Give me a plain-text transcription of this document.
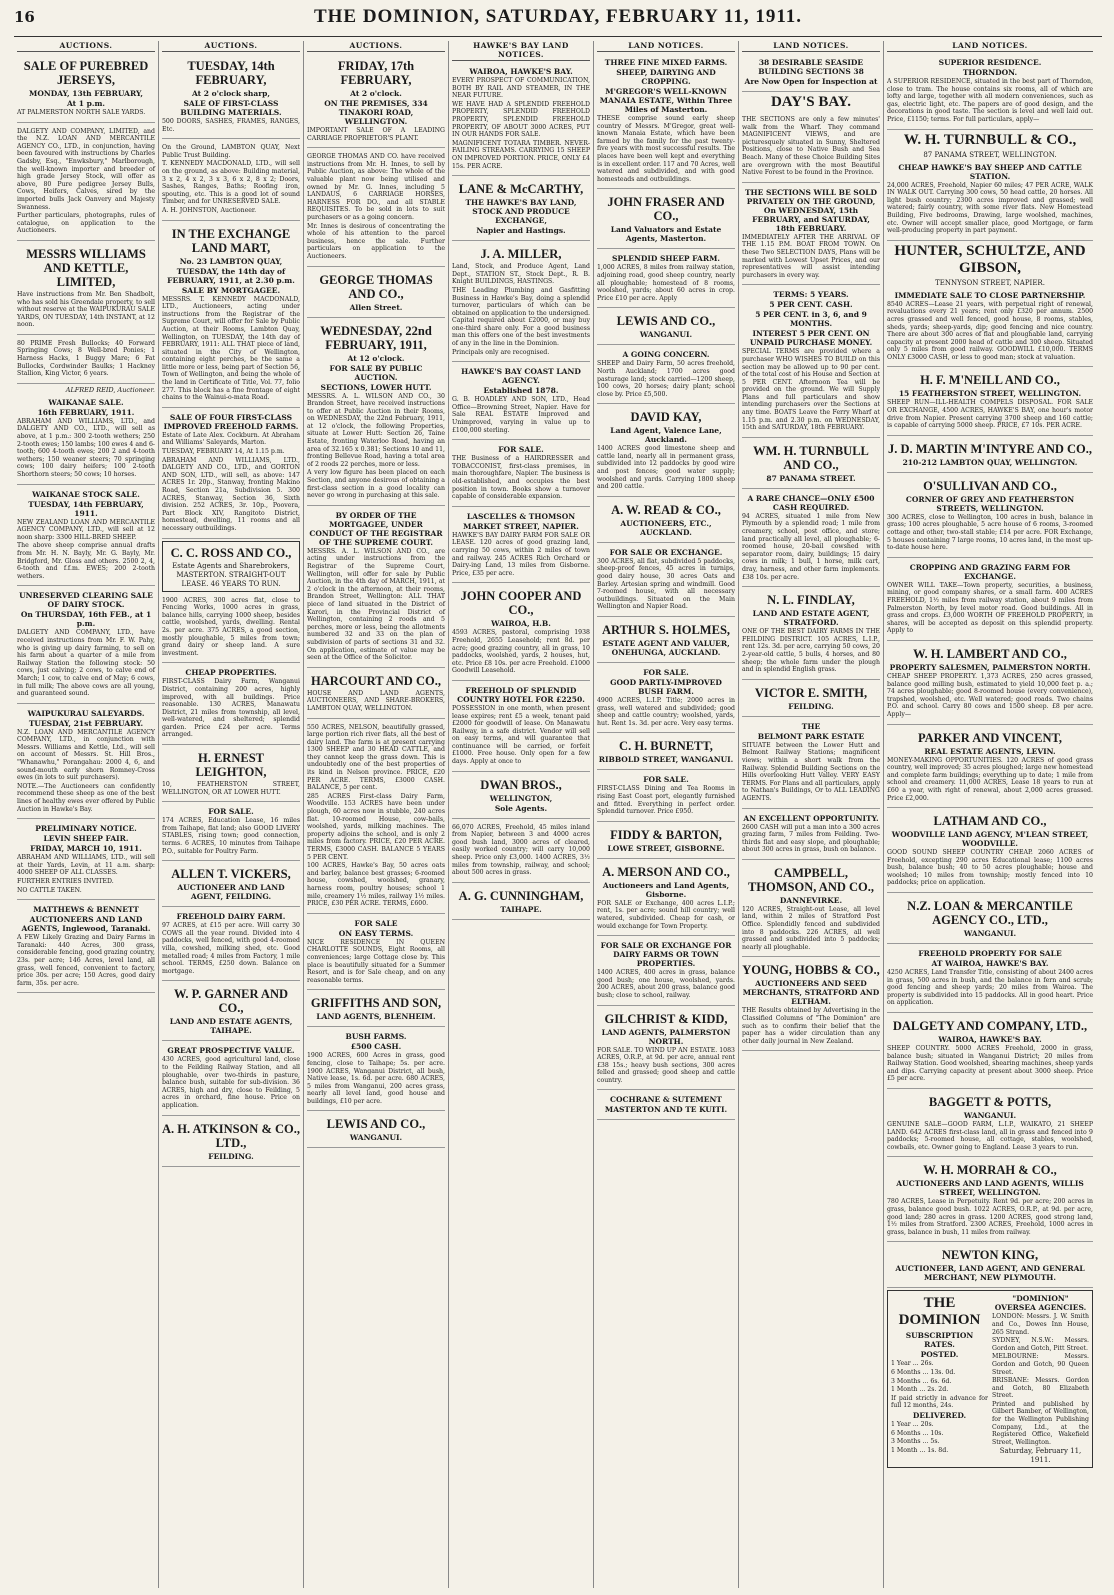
16	THE DOMINION, SATURDAY, FEBRUARY 11, 1911.
AUCTIONS.
SALE OF PUREBRED JERSEYS,
MONDAY, 13th FEBRUARY,
At 1 p.m.
AT PALMERSTON NORTH SALE YARDS.
DALGETY AND COMPANY, LIMITED, and the N.Z. LOAN AND MERCANTILE AGENCY CO., LTD., in conjunction, having been favoured with instructions by Charles Gadsby, Esq., "Enwksbury," Marlborough, the well-known importer and breeder of high grade Jersey Stock, will offer as above, 80 Pure pedigree Jersey Bulls, Cows, Heifers, Calves, sired by the imported bulls Jack Oanvery and Majesty Swanness.
Further particulars, photographs, rules of catalogue, on application to the Auctioneers.
MESSRS WILLIAMS AND KETTLE, LIMITED,
Have instructions from Mr. Ben Shadbolt, who has sold his Greendale property, to sell without reserve at the WAIPUKURAU SALE YARDS, ON TUESDAY, 14th INSTANT, at 12 noon.
80 PRIME Fresh Bullocks; 40 Forward Springing Cows; 8 Well-bred Ponies; 1 Harness Hacks, 1 Buggy Mare; 6 Fat Bullocks, Cordwinder Baulks; 1 Hackney Stallion, King Victor, 6 years.
ALFRED REID, Auctioneer.
WAIKANAE SALE.
16th FEBRUARY, 1911.
ABRAHAM AND WILLIAMS, LTD., and DALGETY AND CO., LTD., will sell as above, at 1 p.m.: 300 2-tooth wethers; 250 2-tooth ewes; 150 lambs; 100 ewes 4 and 6-tooth; 600 4-tooth ewes; 200 2 and 4-tooth wethers; 150 weaner steers; 70 springing cows; 100 dairy heifers; 100 2-tooth Shorthorn steers; 50 cows; 10 horses.
WAIKANAE STOCK SALE.
TUESDAY, 14th FEBRUARY, 1911.
NEW ZEALAND LOAN AND MERCANTILE AGENCY COMPANY, LTD., will sell at 12 noon sharp: 3300 HILL-BRED SHEEP.
The above sheep comprise annual drafts from Mr. H. N. Bayly, Mr. G. Bayly, Mr. Bridgford, Mr. Gloss and others. 2500 2, 4, 6-tooth and f.f.m. EWES; 200 2-tooth wethers.
UNRESERVED CLEARING SALE OF DAIRY STOCK.
On THURSDAY, 16th FEB., at 1 p.m.
DALGETY AND COMPANY, LTD., have received instructions from Mr. F. W. Pahy, who is giving up dairy farming, to sell on his farm about a quarter of a mile from Railway Station the following stock: 50 cows, just calving; 2 cows, to calve end of March; 1 cow, to calve end of May; 6 cows, in full milk; The above cows are all young, and guaranteed sound.
WAIPUKURAU SALEYARDS.
TUESDAY, 21st FEBRUARY.
N.Z. LOAN AND MERCANTILE AGENCY COMPANY, LTD., in conjunction with Messrs. Williams and Kettle, Ltd., will sell on account of Messrs. St. Hill Bros., "Whanawhu," Porangahau: 2000 4, 6, and sound-mouth early shorn Romney-Cross ewes (in lots to suit purchasers).
NOTE.—The Auctioneers can confidently recommend these sheep as one of the best lines of healthy ewes ever offered by Public Auction in Hawke's Bay.
PRELIMINARY NOTICE.
LEVIN SHEEP FAIR.
FRIDAY, MARCH 10, 1911.
ABRAHAM AND WILLIAMS, LTD., will sell at their Yards, Levin, at 11 a.m. sharp: 4000 SHEEP OF ALL CLASSES.
FURTHER ENTRIES INVITED.
NO CATTLE TAKEN.
MATTHEWS & BENNETT
AUCTIONEERS AND LAND AGENTS, Inglewood, Taranaki.
A FEW Likely Grazing and Dairy Farms in Taranaki: 440 Acres, 300 grass, considerable fencing, good grazing country, 23s. per acre; 146 Acres, level land, all grass, well fenced, convenient to factory, price 30s. per acre; 150 Acres, good dairy farm, 35s. per acre.
AUCTIONS.
TUESDAY, 14th FEBRUARY,
At 2 o'clock sharp,
SALE OF FIRST-CLASS BUILDING MATERIALS.
500 DOORS, SASHES, FRAMES, RANGES, Etc.
On the Ground, LAMBTON QUAY, Next Public Trust Building.
T. KENNEDY MACDONALD, LTD., will sell on the ground, as above: Building material, 3 x 2, 4 x 2, 3 x 3, 6 x 2, 8 x 2; Doors, Sashes, Ranges, Baths; Roofing iron, spouting, etc. This is a good lot of sound Timber, and for UNRESERVED SALE.
A. H. JOHNSTON, Auctioneer.
IN THE EXCHANGE LAND MART,
No. 23 LAMBTON QUAY,
TUESDAY, the 14th day of FEBRUARY, 1911, at 2.30 p.m.
SALE BY MORTGAGEE.
MESSRS. T. KENNEDY MACDONALD, LTD., Auctioneers, acting under instructions from the Registrar of the Supreme Court, will offer for Sale by Public Auction, at their Rooms, Lambton Quay, Wellington, on TUESDAY, the 14th day of FEBRUARY, 1911: ALL THAT piece of land, situated in the City of Wellington, containing eight perches, be the same a little more or less, being part of Section 56, Town of Wellington, and being the whole of the land in Certificate of Title, Vol. 77, folio 277. This block has a fine frontage of eight chains to the Wainui-o-mata Road.
SALE OF FOUR FIRST-CLASS IMPROVED FREEHOLD FARMS.
Estate of Late Alex. Cockburn. At Abraham and Williams' Saleyards, Marton.
TUESDAY, FEBRUARY 14, At 1.15 p.m.
ABRAHAM AND WILLIAMS, LTD., DALGETY AND CO., LTD., and GORTON AND SON, LTD., will sell, as above: 147 ACRES 1r. 20p., Stanway, fronting Makino Road, Section 21a, Subdivision 5. 300 ACRES, Stanway, Section 36, Sixth division. 252 ACRES, 3r. 10p., Poovera, Part Block XIV, Rangitoto District, homestead, dwelling, 11 rooms and all necessary outbuildings.
C. C. ROSS AND CO.,
Estate Agents and Sharebrokers, MASTERTON. STRAIGHT-OUT LEASE. 46 YEARS TO RUN.
1900 ACRES, 300 acres flat, close to Fencing Works, 1000 acres in grass, balance hills, carrying 1000 sheep, besides cattle, woolshed, yards, dwelling. Rental 2s. per acre. 375 ACRES, a good section, mostly ploughable, 5 miles from town; grand dairy or sheep land. A sure investment.
CHEAP PROPERTIES.
FIRST-CLASS Dairy Farm, Wanganui District, containing 200 acres, highly improved, with all buildings. Price reasonable. 130 ACRES, Manawatu District, 21 miles from township, all level, well-watered, and sheltered; splendid garden. Price £24 per acre. Terms arranged.
H. ERNEST LEIGHTON,
10, FEATHERSTON STREET, WELLINGTON, OR AT LOWER HUTT.
FOR SALE.
174 ACRES, Education Lease, 16 miles from Taihape, flat land; also GOOD LIVERY STABLES, rising town; good connection, terms. 6 ACRES, 10 minutes from Taihape P.O., suitable for Poultry Farm.
ALLEN T. VICKERS,
AUCTIONEER AND LAND AGENT, FEILDING.
FREEHOLD DAIRY FARM.
97 ACRES, at £15 per acre. Will carry 30 COWS all the year round. Divided into 4 paddocks, well fenced, with good 4-roomed villa, cowshed, milking shed, etc. Good metalled road; 4 miles from Factory, 1 mile school. TERMS, £250 down. Balance on mortgage.
W. P. GARNER AND CO.,
LAND AND ESTATE AGENTS, TAIHAPE.
GREAT PROSPECTIVE VALUE.
430 ACRES, good agricultural land, close to the Feilding Railway Station, and all ploughable, over two-thirds in pasture, balance bush, suitable for sub-division. 36 ACRES, high and dry, close to Feilding, 5 acres in orchard, fine house. Price on application.
A. H. ATKINSON & CO., LTD.,
FEILDING.
AUCTIONS.
FRIDAY, 17th FEBRUARY,
At 2 o'clock.
ON THE PREMISES, 334 TINAKORI ROAD, WELLINGTON.
IMPORTANT SALE OF A LEADING CARRIAGE PROPRIETOR'S PLANT.
GEORGE THOMAS AND CO. have received instructions from Mr. H. Innes, to sell by Public Auction, as above: The whole of the valuable plant now being utilised and owned by Mr. G. Innes, including 5 LANDAUS, 6 CARRIAGE HORSES, HARNESS FOR DO., and all STABLE REQUISITES. To be sold in lots to suit purchasers or as a going concern.
Mr. Innes is desirous of concentrating the whole of his attention to the parcel business, hence the sale. Further particulars on application to the Auctioneers.
GEORGE THOMAS AND CO.,
Allen Street.
WEDNESDAY, 22nd FEBRUARY, 1911,
At 12 o'clock.
FOR SALE BY PUBLIC AUCTION.
SECTIONS, LOWER HUTT.
MESSRS. A. L. WILSON AND CO., 30 Brandon Street, have received instructions to offer at Public Auction in their Rooms, on WEDNESDAY, the 22nd February, 1911, at 12 o'clock, the following Properties, situate at Lower Hutt: Section 26, Taine Estate, fronting Waterloo Road, having an area of 32.165 x 0.381; Sections 10 and 11, fronting Bellevue Road, having a total area of 2 roods 22 perches, more or less.
A very low figure has been placed on each Section, and anyone desirous of obtaining a first-class section in a good locality can never go wrong in purchasing at this sale.
BY ORDER OF THE MORTGAGEE, UNDER CONDUCT OF THE REGISTRAR OF THE SUPREME COURT.
MESSRS. A. L. WILSON AND CO., are acting under instructions from the Registrar of the Supreme Court, Wellington, will offer for sale by Public Auction, in the 4th day of MARCH, 1911, at 2 o'clock in the afternoon, at their rooms, Brandon Street, Wellington: ALL THAT piece of land situated in the District of Karori, in the Provincial District of Wellington, containing 2 roods and 5 perches, more or less, being the allotments numbered 32 and 33 on the plan of subdivision of parts of sections 31 and 32. On application, estimate of value may be seen at the Office of the Solicitor.
HARCOURT AND CO.,
HOUSE AND LAND AGENTS, AUCTIONEERS, AND SHARE-BROKERS, LAMBTON QUAY, WELLINGTON.
550 ACRES, NELSON, beautifully grassed, large portion rich river flats, all the best of dairy land. The farm is at present carrying 1300 SHEEP and 30 HEAD CATTLE, and they cannot keep the grass down. This is undoubtedly one of the best properties of its kind in Nelson province. PRICE, £20 PER ACRE. TERMS, £3000 CASH. BALANCE, 5 per cent.
285 ACRES First-class Dairy Farm, Woodville. 153 ACRES have been under plough, 60 acres now in stubble, 240 acres flat. 10-roomed House, cow-bails, woolshed, yards, milking machines. The property adjoins the school, and is only 2 miles from factory. PRICE, £20 PER ACRE. TERMS, £3000 CASH. BALANCE 5 YEARS 5 PER CENT.
100 ACRES, Hawke's Bay, 50 acres oats and barley, balance best grasses; 6-roomed house, cowshed, woolshed, granary, harness room, poultry houses; school 1 mile, creamery 1½ miles, railway 1½ miles. PRICE, £30 PER ACRE. TERMS, £600.
FOR SALE
ON EASY TERMS.
NICE RESIDENCE IN QUEEN CHARLOTTE SOUNDS, Eight Rooms, all conveniences; large Cottage close by. This place is beautifully situated for a Summer Resort, and is for Sale cheap, and on any reasonable terms.
GRIFFITHS AND SON,
LAND AGENTS, BLENHEIM.
BUSH FARMS.
£500 CASH.
1900 ACRES, 600 Acres in grass, good fencing, close to Taihape; 5s. per acre. 1900 ACRES, Wanganui District, all bush, Native lease, 1s. 6d. per acre. 680 ACRES, 5 miles from Wanganui, 200 acres grass, nearly all level land, good house and buildings, £10 per acre.
LEWIS AND CO.,
WANGANUI.
HAWKE'S BAY LAND NOTICES.
WAIROA, HAWKE'S BAY.
EVERY PROSPECT OF COMMUNICATION, BOTH BY RAIL AND STEAMER, IN THE NEAR FUTURE.
WE HAVE HAD A SPLENDID FREEHOLD PROPERTY, SPLENDID FREEHOLD PROPERTY, SPLENDID FREEHOLD PROPERTY, OF ABOUT 3000 ACRES, PUT IN OUR HANDS FOR SALE.
MAGNIFICENT TOTARA TIMBER. NEVER-FAILING STREAMS. CARRYING 15 SHEEP ON IMPROVED PORTION. PRICE, ONLY £4 15s. PER ACRE.
LANE & McCARTHY,
THE HAWKE'S BAY LAND, STOCK AND PRODUCE EXCHANGE,
Napier and Hastings.
J. A. MILLER,
Land, Stock, and Produce Agent, Land Dept., STATION ST., Stock Dept., R. B. Knight BUILDINGS, HASTINGS.
THE Leading Plumbing and Gasfitting Business in Hawke's Bay, doing a splendid turnover, particulars of which can be obtained on application to the undersigned. Capital required about £2000, or may buy one-third share only. For a good business man this offers one of the best investments of any in the line in the Dominion.
Principals only are recognised.
HAWKE'S BAY COAST LAND AGENCY.
Established 1878.
G. B. HOADLEY AND SON, LTD., Head Office—Browning Street, Napier. Have for Sale REAL ESTATE Improved and Unimproved, varying in value up to £100,000 sterling.
FOR SALE.
THE Business of a HAIRDRESSER and TOBACCONIST, first-class premises, in main thoroughfare, Napier. The business is old-established, and occupies the best position in town. Books show a turnover capable of considerable expansion.
LASCELLES & THOMSON
MARKET STREET, NAPIER.
HAWKE'S BAY DAIRY FARM FOR SALE OR LEASE. 120 acres of good grazing land, carrying 50 cows, within 2 miles of town and railway. 245 ACRES Rich Orchard or Dairy-ing Land, 13 miles from Gisborne. Price, £35 per acre.
JOHN COOPER AND CO.,
WAIROA, H.B.
4593 ACRES, pastoral, comprising 1938 Freehold, 2655 Leasehold; rent 8d. per acre; good grazing country, all in grass, 10 paddocks, woolshed, yards, 2 houses, hut, etc. Price £8 10s. per acre Freehold. £1000 Goodwill Leasehold.
FREEHOLD OF SPLENDID COUNTRY HOTEL FOR £2250.
POSSESSION in one month, when present lease expires; rent £5 a week, tenant paid £2000 for goodwill of lease. On Manawatu Railway, in a safe district. Vendor will sell on easy terms, and will guarantee that continuance will be carried, or forfeit £1000. Free house. Only open for a few days. Apply at once to
DWAN BROS.,
WELLINGTON,
Sole Agents.
66,070 ACRES, Freehold, 45 miles inland from Napier, between 3 and 4000 acres good bush land, 3000 acres of cleared, easily worked country; will carry 10,000 sheep. Price only £3,000. 1400 ACRES, 3½ miles from township, railway, and school; about 500 acres in grass.
A. G. CUNNINGHAM,
TAIHAPE.
LAND NOTICES.
THREE FINE MIXED FARMS.
SHEEP, DAIRYING AND CROPPING.
M'GREGOR'S WELL-KNOWN MANAIA ESTATE, Within Three Miles of Masterton.
THESE comprise sound early sheep country of Messrs. M'Gregor, great well-known Manaia Estate, which have been farmed by the family for the past twenty-five years with most successful results. The places have been well kept and everything is in excellent order. 117 and 70 Acres, well watered and subdivided, and with good homesteads and outbuildings.
JOHN FRASER AND CO.,
Land Valuators and Estate Agents, Masterton.
SPLENDID SHEEP FARM.
1,000 ACRES, 8 miles from railway station, adjoining road, good sheep country, nearly all ploughable; homestead of 8 rooms, woolshed, yards; about 60 acres in crop. Price £10 per acre. Apply
LEWIS AND CO.,
WANGANUI.
A GOING CONCERN.
SHEEP and Dairy Farm, 50 acres freehold, North Auckland; 1700 acres good pasturage land; stock carried—1200 sheep, 100 cows, 20 horses; dairy plant; school close by. Price £5,500.
DAVID KAY,
Land Agent, Valence Lane, Auckland.
1400 ACRES good limestone sheep and cattle land, nearly all in permanent grass, subdivided into 12 paddocks by good wire and post fences; good water supply; woolshed and yards. Carrying 1800 sheep and 200 cattle.
A. W. READ & CO.,
AUCTIONEERS, ETC., AUCKLAND.
FOR SALE OR EXCHANGE.
300 ACRES, all flat, subdivided 5 paddocks, sheep-proof fences, 45 acres in turnips, good dairy house, 30 acres Oats and Barley. Artesian spring and windmill. Good 7-roomed house, with all necessary outbuildings. Situated on the Main Wellington and Napier Road.
ARTHUR S. HOLMES,
ESTATE AGENT AND VALUER, ONEHUNGA, AUCKLAND.
FOR SALE.
GOOD PARTLY-IMPROVED BUSH FARM.
4900 ACRES, L.I.P. Title; 2000 acres in grass, well watered and subdivided; good sheep and cattle country; woolshed, yards, hut. Rent 1s. 3d. per acre. Very easy terms.
C. H. BURNETT,
RIBBOLD STREET, WANGANUI.
FOR SALE.
FIRST-CLASS Dining and Tea Rooms in rising East Coast port, elegantly furnished and fitted. Everything in perfect order. Splendid turnover. Price £950.
FIDDY & BARTON,
LOWE STREET, GISBORNE.
A. MERSON AND CO.,
Auctioneers and Land Agents, Gisborne.
FOR SALE or Exchange, 400 acres L.I.P.; rent, 1s. per acre; sound hill country; well watered, subdivided. Cheap for cash, or would exchange for Town Property.
FOR SALE OR EXCHANGE FOR DAIRY FARMS OR TOWN PROPERTIES.
1400 ACRES, 400 acres in grass, balance good bush; one house, woolshed, yards. 200 ACRES, about 200 grass, balance good bush; close to school, railway.
GILCHRIST & KIDD,
LAND AGENTS, PALMERSTON NORTH.
FOR SALE. TO WIND UP AN ESTATE. 1083 ACRES, O.R.P., at 9d. per acre, annual rent £38 15s.; heavy bush sections, 300 acres felled and grassed; good sheep and cattle country.
COCHRANE & SUTEMENT
MASTERTON AND TE KUITI.
LAND NOTICES.
38 DESIRABLE SEASIDE BUILDING SECTIONS 38
Are Now Open for Inspection at
DAY'S BAY.
THE SECTIONS are only a few minutes' walk from the Wharf. They command MAGNIFICENT VIEWS, and are picturesquely situated in Sunny, Sheltered Positions, close to Native Bush and Sea Beach. Many of these Choice Building Sites are overgrown with the most Beautiful Native Forest to be found in the Province.
THE SECTIONS WILL BE SOLD PRIVATELY ON THE GROUND, On WEDNESDAY, 15th FEBRUARY, and SATURDAY, 18th FEBRUARY.
IMMEDIATELY AFTER THE ARRIVAL OF THE 1.15 P.M. BOAT FROM TOWN. On these Two SELECTION DAYS, Plans will be marked with Lowest Upset Prices, and our representatives will assist intending purchasers in every way.
TERMS: 5 YEARS.
5 PER CENT. CASH.
5 PER CENT. in 3, 6, and 9 MONTHS.
INTEREST 5 PER CENT. ON UNPAID PURCHASE MONEY.
SPECIAL TERMS are provided where a purchaser WHO WISHES TO BUILD on this section may be allowed up to 90 per cent. of the total cost of his House and Section at 5 PER CENT. Afternoon Tea will be provided on the ground. We will Supply Plans and full particulars and show intending purchasers over the Sections at any time. BOATS Leave the Ferry Wharf at 1.15 p.m. and 2.30 p.m. on WEDNESDAY, 15th and SATURDAY, 18th FEBRUARY.
WM. H. TURNBULL AND CO.,
87 PANAMA STREET.
A RARE CHANCE—ONLY £500 CASH REQUIRED.
94 ACRES, situated 1 mile from New Plymouth by a splendid road; 1 mile from creamery, school, post office, and store; land practically all level, all ploughable; 6-roomed house, 20-bail cowshed with separator room, dairy, buildings; 15 dairy cows in milk; 1 bull, 1 horse, milk cart, dray, harness, and other farm implements. £38 10s. per acre.
N. L. FINDLAY,
LAND AND ESTATE AGENT, STRATFORD.
ONE OF THE BEST DAIRY FARMS IN THE FEILDING DISTRICT. 105 ACRES, L.I.P., rent 12s. 3d. per acre, carrying 50 cows, 20 2-year-old cattle, 5 bulls, 4 horses, and 80 sheep; the whole farm under the plough and in splendid English grass.
VICTOR E. SMITH,
FEILDING.
THE
BELMONT PARK ESTATE
SITUATE between the Lower Hutt and Belmont Railway Stations; magnificent views; within a short walk from the Railway. Splendid Building Sections on the Hills overlooking Hutt Valley. VERY EASY TERMS. For Plans and all particulars, apply to Nathan's Buildings, Or to ALL LEADING AGENTS.
AN EXCELLENT OPPORTUNITY.
2600 CASH will put a man into a 300 acres grazing farm, 7 miles from Feilding. Two-thirds flat and easy slope, and ploughable; about 300 acres in grass, bush on balance.
CAMPBELL, THOMSON, AND CO.,
DANNEVIRKE.
120 ACRES, Straight-out Lease, all level land, within 2 miles of Stratford Post Office. Splendidly fenced and subdivided into 8 paddocks. 226 ACRES, all well grassed and subdivided into 5 paddocks; nearly all ploughable.
YOUNG, HOBBS & CO.,
AUCTIONEERS AND SEED MERCHANTS, STRATFORD AND ELTHAM.
THE Results obtained by Advertising in the Classified Columns of "The Dominion" are such as to confirm their belief that the paper has a wider circulation than any other daily journal in New Zealand.
LAND NOTICES.
SUPERIOR RESIDENCE.
THORNDON.
A SUPERIOR RESIDENCE, situated in the best part of Thorndon, close to tram. The house contains six rooms, all of which are lofty and large, together with all modern conveniences, such as gas, electric light, etc. The papers are of good design, and the decorations in good taste. The section is level and well laid out. Price, £1150; terms. For full particulars, apply—
W. H. TURNBULL & CO.,
87 PANAMA STREET, WELLINGTON.
CHEAP HAWKE'S BAY SHEEP AND CATTLE STATION.
24,000 ACRES, Freehold, Napier 60 miles; 47 PER ACRE, WALK IN WALK OUT. Carrying 300 cows, 50 head cattle, 20 horses. All light bush country; 2300 acres improved and grassed; well watered; fairly country, with some river flats. New Homestead Building, Five bedrooms, Drawing, large woolshed, machines, etc. Owner will accept smaller place, good Mortgage, or farm well-producing property in part payment.
HUNTER, SCHULTZE, AND GIBSON,
TENNYSON STREET, NAPIER.
IMMEDIATE SALE TO CLOSE PARTNERSHIP.
8540 ACRES—Lease 21 years, with perpetual right of renewal, revaluations every 21 years; rent only £320 per annum. 2500 acres grassed and well fenced, good house, 8 rooms, stables, sheds, yards; sheep-yards, dip; good fencing and nice country. There are about 300 acres of flat and ploughable land, carrying capacity at present 2000 head of cattle and 300 sheep. Situated only 5 miles from good railway. GOODWILL £10,000. TERMS ONLY £3000 CASH, or less to good man; stock at valuation.
H. F. M'NEILL AND CO.,
15 FEATHERSTON STREET, WELLINGTON.
SHEEP RUN—ILL-HEALTH COMPELS DISPOSAL. FOR SALE OR EXCHANGE, 4500 ACRES, HAWKE'S BAY, one hour's motor drive from Napier. Present carrying 3700 sheep and 160 cattle; is capable of carrying 5000 sheep. PRICE, £7 10s. PER ACRE.
J. D. MARTIN M'INTYRE AND CO.,
210-212 LAMBTON QUAY, WELLINGTON.
O'SULLIVAN AND CO.,
CORNER OF GREY AND FEATHERSTON STREETS, WELLINGTON.
300 ACRES, close to Wellington, 100 acres in bush, balance in grass; 100 acres ploughable, 5 acre house of 6 rooms, 3-roomed cottage and other, two-stall stable; £14 per acre. FOR Exchange, 5 houses containing 7 large rooms, 10 acres land, in the most up-to-date house here.
CROPPING AND GRAZING FARM FOR EXCHANGE.
OWNER WILL TAKE—Town property, securities, a business, mining, or good company shares, or a small farm. 400 ACRES FREEHOLD, 1½ miles from railway station, about 9 miles from Palmerston North, by level motor road. Good buildings. All in grass and crops. £3,000 WORTH OF FREEHOLD PROPERTY, in shares, will be accepted as deposit on this splendid property. Apply to
W. H. LAMBERT AND CO.,
PROPERTY SALESMEN, PALMERSTON NORTH.
CHEAP SHEEP PROPERTY. 1,373 ACRES, 250 acres grassed, balance good milling bush, estimated to yield 10,000 feet p. a.; 74 acres ploughable; good 8-roomed house (every convenience), trapshed, woolshed, etc. Well watered; good roads. Two chains P.O. and school. Carry 80 cows and 1500 sheep. £8 per acre. Apply—
PARKER AND VINCENT,
REAL ESTATE AGENTS, LEVIN.
MONEY-MAKING OPPORTUNITIES. 120 ACRES of good grass country, well improved; 35 acres ploughed; large new homestead and complete farm buildings; everything up to date; 1 mile from school and creamery. 11,000 ACRES, Lease 18 years to run at £60 a year, with right of renewal, about 2,000 acres grassed. Price £2,000.
LATHAM AND CO.,
WOODVILLE LAND AGENCY, M'LEAN STREET, WOODVILLE.
GOOD SOUND SHEEP COUNTRY CHEAP. 2060 ACRES of Freehold, excepting 290 acres Educational lease; 1100 acres bush, balance bush; 40 to 50 acres ploughable; house and woolshed; 10 miles from township; mostly fenced into 10 paddocks; price on application.
N.Z. LOAN & MERCANTILE AGENCY CO., LTD.,
WANGANUI.
FREEHOLD PROPERTY FOR SALE
AT WAIROA, HAWKE'S BAY.
4250 ACRES, Land Transfer Title, consisting of about 2400 acres in grass, 500 acres in bush, and the balance in fern and scrub; good fencing and sheep yards; 20 miles from Wairoa. The property is subdivided into 15 paddocks. All in good heart. Price on application.
DALGETY AND COMPANY, LTD.,
WAIROA, HAWKE'S BAY.
SHEEP COUNTRY. 5000 ACRES Freehold, 2000 in grass, balance bush; situated in Wanganui District; 20 miles from Railway Station. Good woolshed, shearing machines, sheep yards and dips. Carrying capacity at present about 3000 sheep. Price £5 per acre.
BAGGETT & POTTS,
WANGANUI.
GENUINE SALE—GOOD FARM, L.I.P., WAIKATO, 21 SHEEP LAND. 642 ACRES first-class land, all in grass and fenced into 9 paddocks; 5-roomed house, all cottage, stables, woolshed, cowbails, etc. Owner going to England. Lease 3 years to run.
W. H. MORRAH & CO.,
AUCTIONEERS AND LAND AGENTS, WILLIS STREET, WELLINGTON.
780 ACRES, Lease in Perpetuity. Rent 9d. per acre; 200 acres in grass, balance good bush. 1022 ACRES, O.R.P., at 9d. per acre, good land; 280 acres in grass. 1200 ACRES, good strong land, 1½ miles from Stratford. 2300 ACRES, Freehold, 1000 acres in grass, balance in bush, 11 miles from railway.
NEWTON KING,
AUCTIONEER, LAND AGENT, AND GENERAL MERCHANT, NEW PLYMOUTH.
THE DOMINION
SUBSCRIPTION RATES.
POSTED.
1 Year ... 26s.
6 Months ... 13s. 0d.
3 Months ... 6s. 6d.
1 Month ... 2s. 2d.
If paid strictly in advance for full 12 months, 24s.
DELIVERED.
1 Year ... 20s.
6 Months ... 10s.
3 Months ... 5s.
1 Month ... 1s. 8d.
"DOMINION" OVERSEA AGENCIES.
LONDON: Messrs. J. W. Smith and Co., Dowes Inn House, 265 Strand.
SYDNEY, N.S.W.: Messrs. Gordon and Gotch, Pitt Street.
MELBOURNE: Messrs. Gordon and Gotch, 90 Queen Street.
BRISBANE: Messrs. Gordon and Gotch, 80 Elizabeth Street.
Printed and published by Gilbert Bamber, of Wellington, for the Wellington Publishing Company, Ltd., at the Registered Office, Wakefield Street, Wellington.
Saturday, February 11, 1911.
